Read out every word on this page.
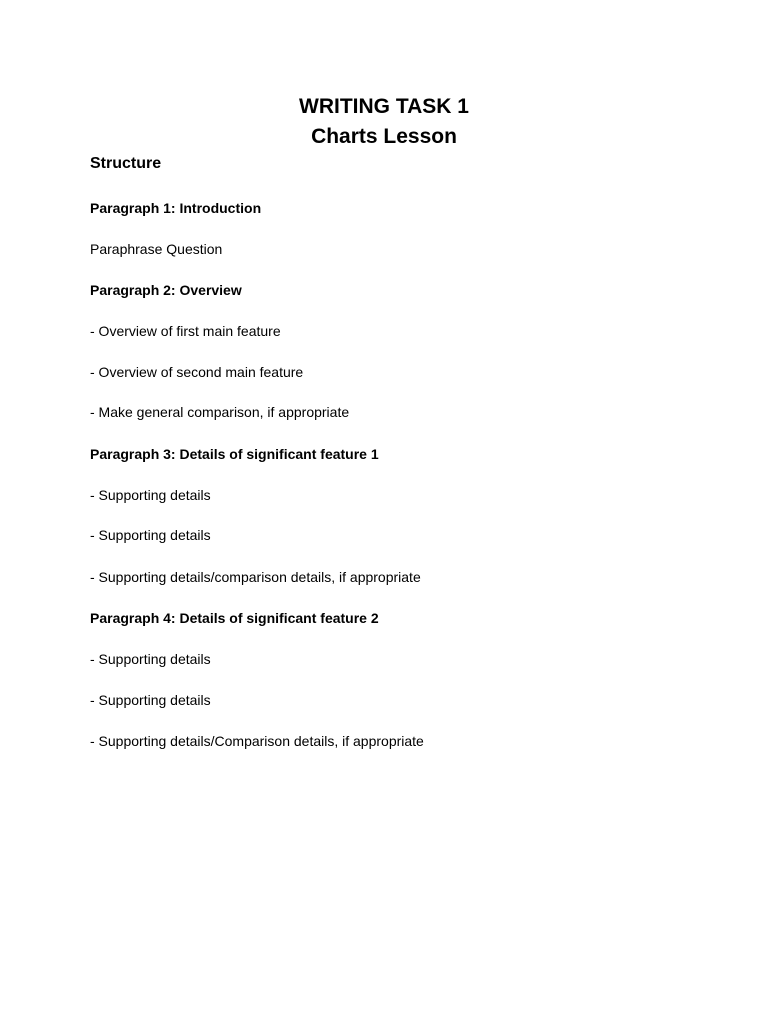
WRITING TASK 1
Charts Lesson
Structure

Paragraph 1: Introduction

Paraphrase Question

Paragraph 2: Overview

- Overview of first main feature

- Overview of second main feature

- Make general comparison, if appropriate

Paragraph 3: Details of significant feature 1

- Supporting details

- Supporting details

- Supporting details/comparison details, if appropriate

Paragraph 4: Details of significant feature 2

- Supporting details

- Supporting details

- Supporting details/Comparison details, if appropriate
